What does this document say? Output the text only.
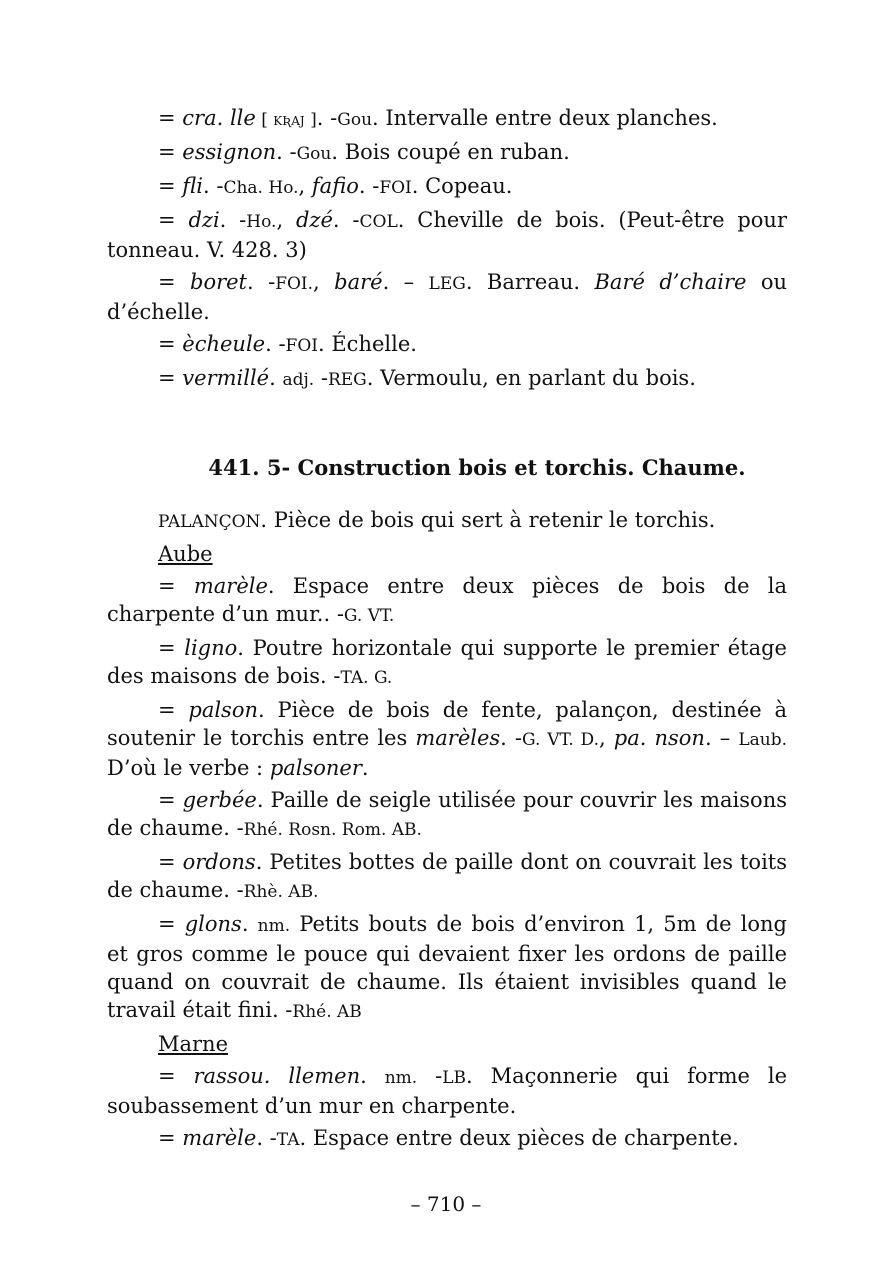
= cra. lle [ kʀaj ]. -Gou. Intervalle entre deux planches.

= essignon. -Gou. Bois coupé en ruban.

= fli. -Cha. Ho., fafio. -FOI. Copeau.

= dzi. -Ho., dzé. -COL. Cheville de bois. (Peut-être pour tonneau. V. 428. 3)

= boret. -FOI., baré. – LEG. Barreau. Baré d’chaire ou d’échelle.

= ècheule. -FOI. Échelle.

= vermillé. adj. -REG. Vermoulu, en parlant du bois.

441. 5- Construction bois et torchis. Chaume.

PALANÇON. Pièce de bois qui sert à retenir le torchis.

Aube

= marèle. Espace entre deux pièces de bois de la charpente d’un mur.. -G. VT.

= ligno. Poutre horizontale qui supporte le premier étage des maisons de bois. -TA. G.

= palson. Pièce de bois de fente, palançon, destinée à soutenir le torchis entre les marèles. -G. VT. D., pa. nson. – Laub. D’où le verbe : palsoner.

= gerbée. Paille de seigle utilisée pour couvrir les maisons de chaume. -Rhé. Rosn. Rom. AB.

= ordons. Petites bottes de paille dont on couvrait les toits de chaume. -Rhè. AB.

= glons. nm. Petits bouts de bois d’environ 1, 5m de long et gros comme le pouce qui devaient fixer les ordons de paille quand on couvrait de chaume. Ils étaient invisibles quand le travail était fini. -Rhé. AB

Marne

= rassou. llemen. nm. -LB. Maçonnerie qui forme le soubassement d’un mur en charpente.

= marèle. -TA. Espace entre deux pièces de charpente.

– 710 –
